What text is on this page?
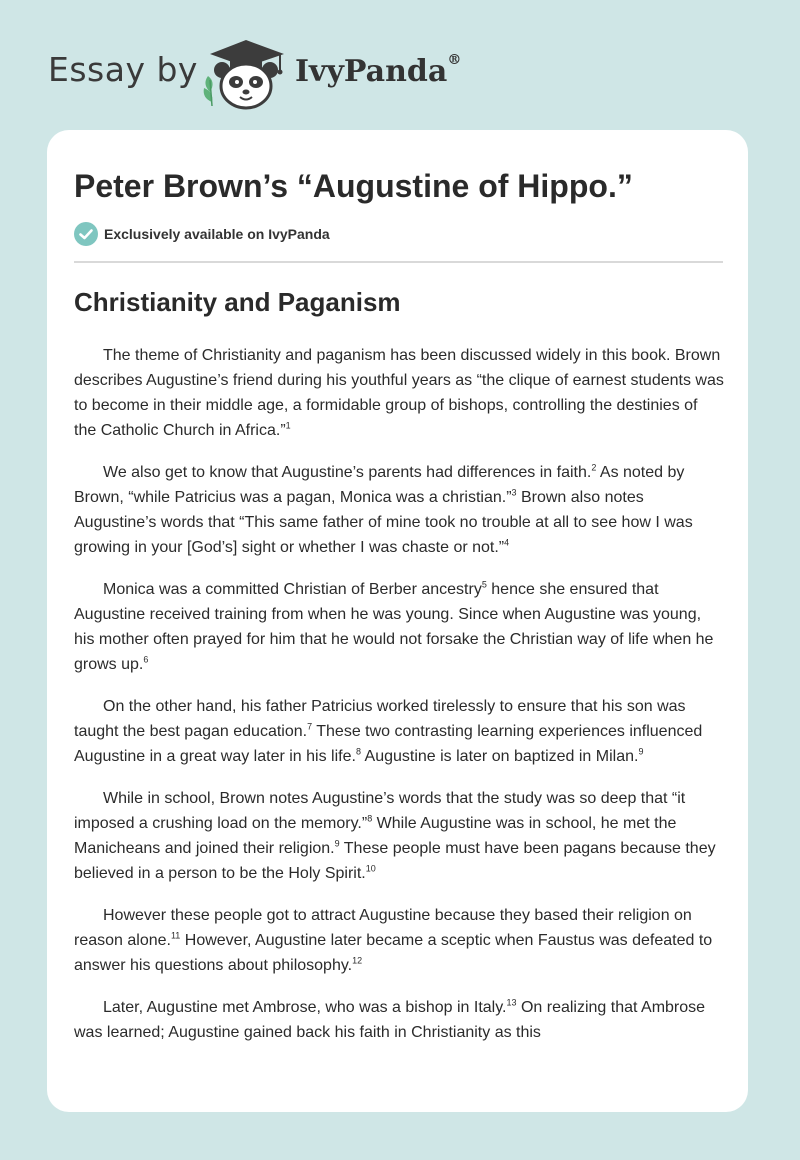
Essay by	IvyPanda®
Peter Brown’s “Augustine of Hippo.”
Exclusively available on IvyPanda
Christianity and Paganism

The theme of Christianity and paganism has been discussed widely in this book. Brown describes Augustine’s friend during his youthful years as “the clique of earnest students was to become in their middle age, a formidable group of bishops, controlling the destinies of the Catholic Church in Africa.”$^1$

We also get to know that Augustine’s parents had differences in faith.$^2$ As noted by Brown, “while Patricius was a pagan, Monica was a christian.”$^3$ Brown also notes Augustine’s words that “This same father of mine took no trouble at all to see how I was growing in your [God’s] sight or whether I was chaste or not.”$^4$

Monica was a committed Christian of Berber ancestry$^5$ hence she ensured that Augustine received training from when he was young. Since when Augustine was young, his mother often prayed for him that he would not forsake the Christian way of life when he grows up.$^6$

On the other hand, his father Patricius worked tirelessly to ensure that his son was taught the best pagan education.$^7$ These two contrasting learning experiences influenced Augustine in a great way later in his life.$^8$ Augustine is later on baptized in Milan.$^9$

While in school, Brown notes Augustine’s words that the study was so deep that “it imposed a crushing load on the memory.”$^8$ While Augustine was in school, he met the Manicheans and joined their religion.$^9$ These people must have been pagans because they believed in a person to be the Holy Spirit.$^{10}$

However these people got to attract Augustine because they based their religion on reason alone.$^{11}$ However, Augustine later became a sceptic when Faustus was defeated to answer his questions about philosophy.$^{12}$

Later, Augustine met Ambrose, who was a bishop in Italy.$^{13}$ On realizing that Ambrose was learned; Augustine gained back his faith in Christianity as this
